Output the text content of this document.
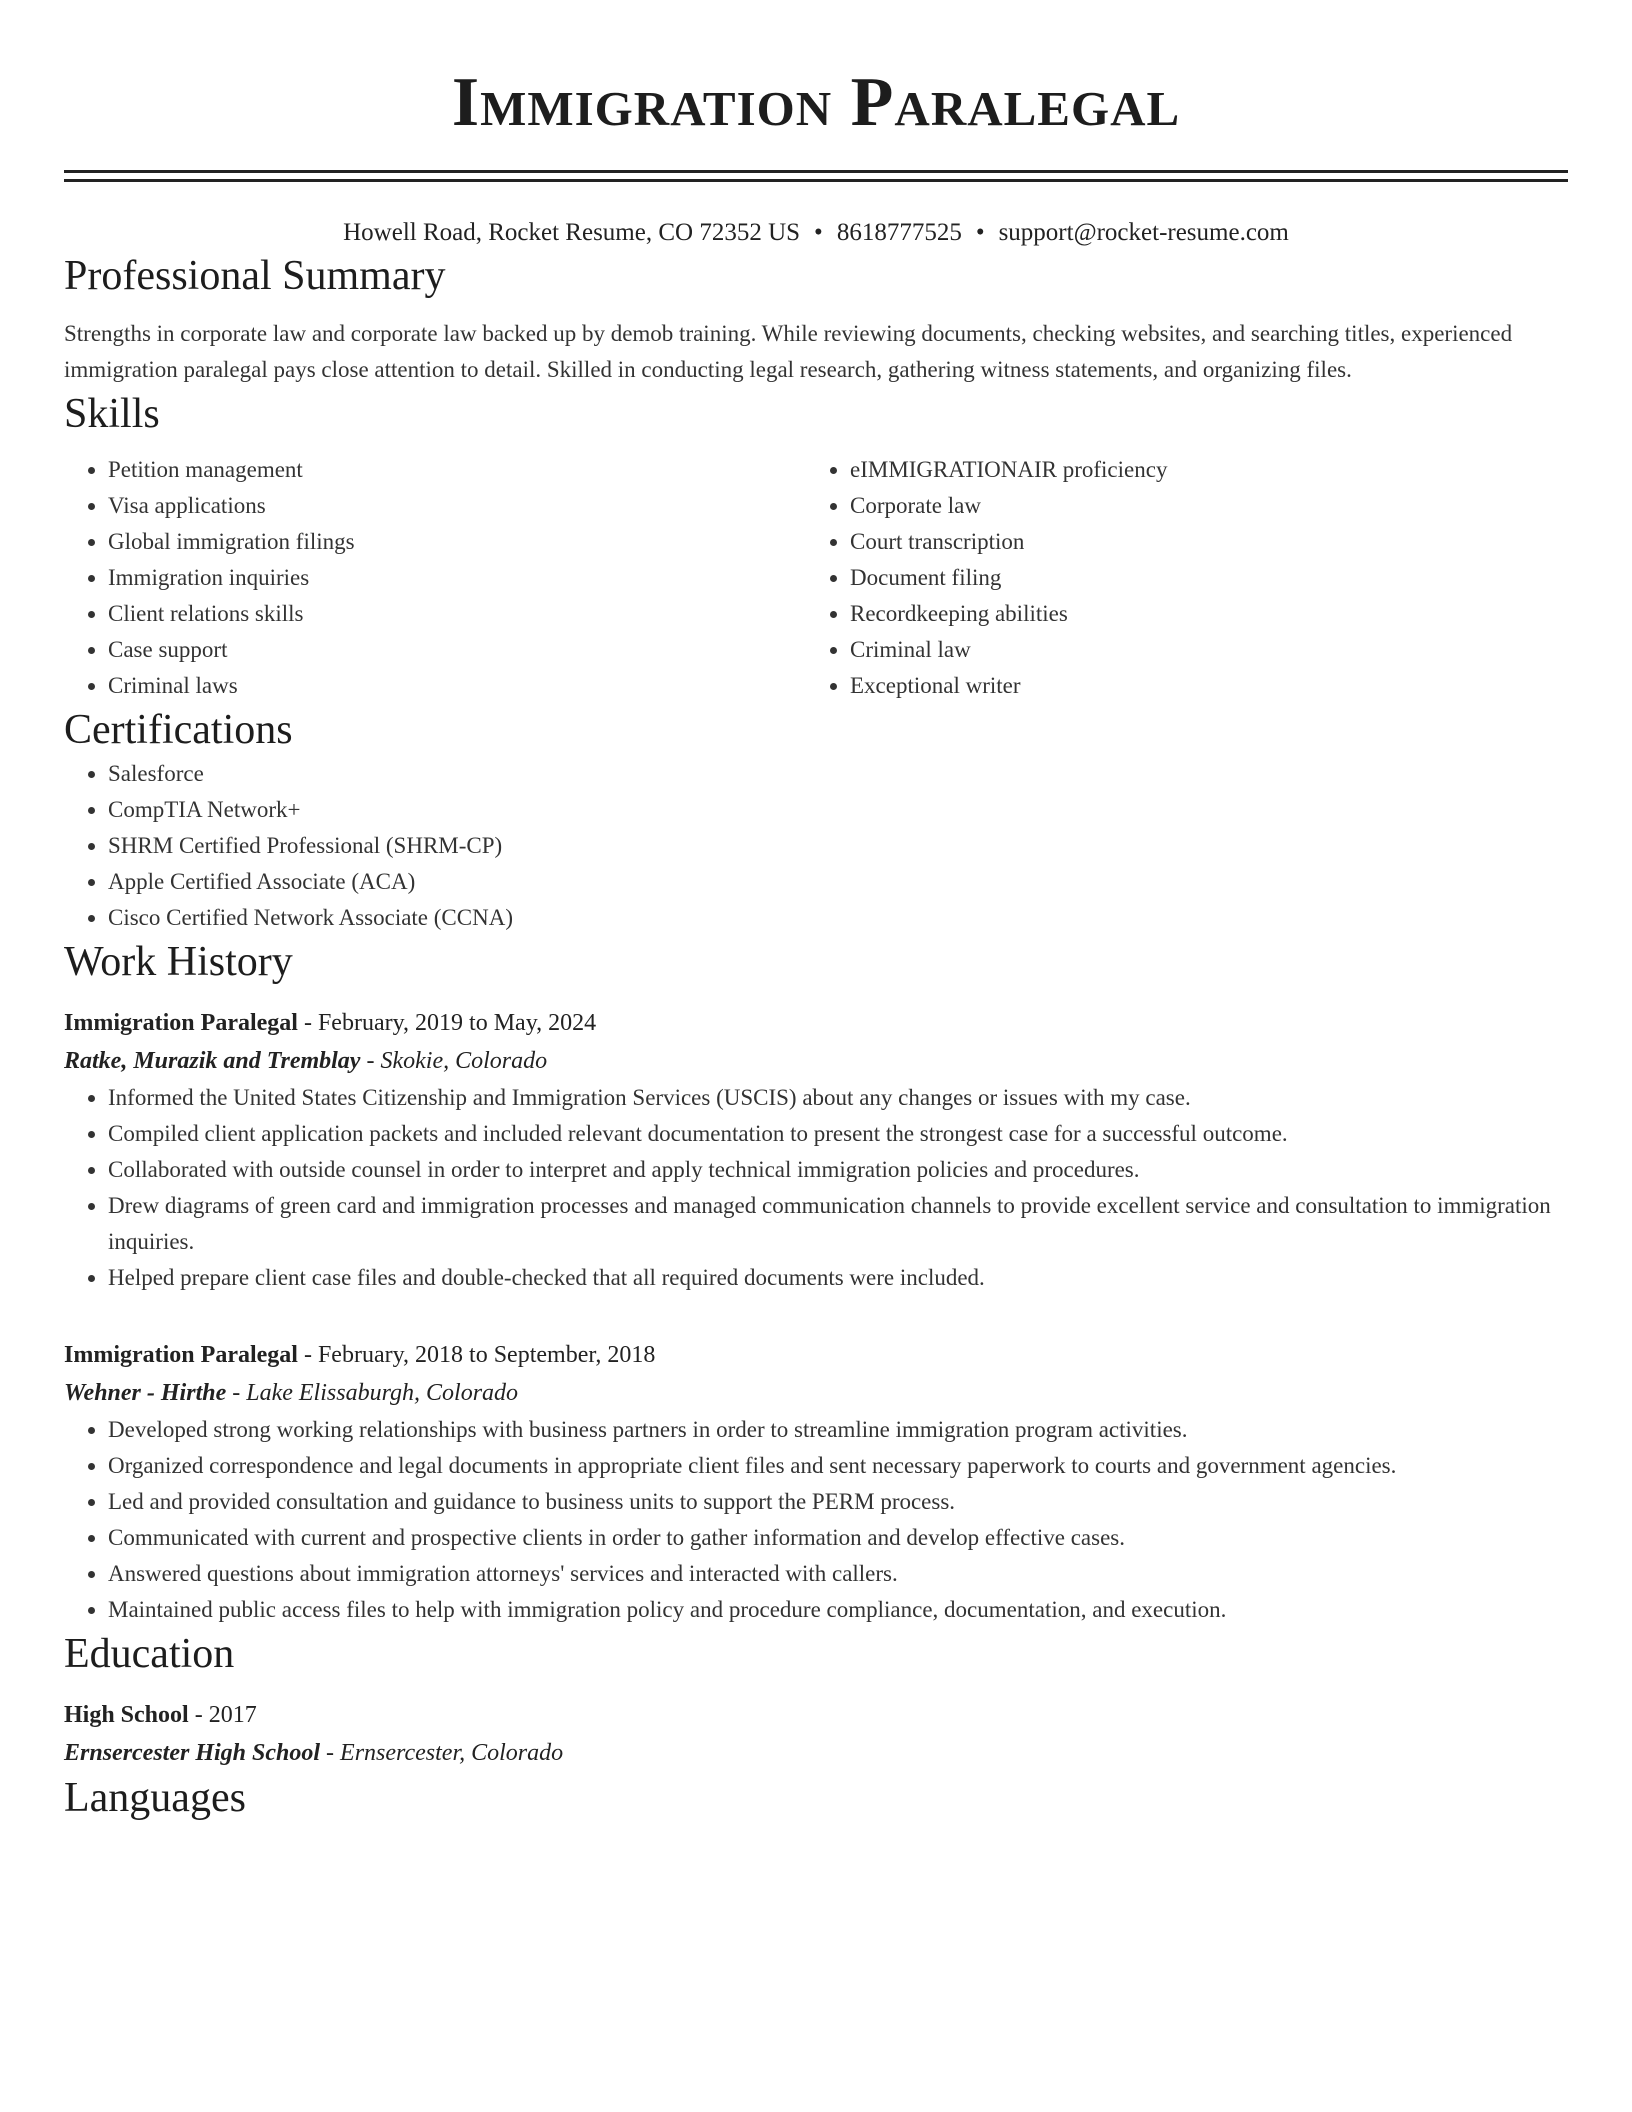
Immigration Paralegal
Howell Road, Rocket Resume, CO 72352 US • 8618777525 • support@rocket-resume.com
Professional Summary
Strengths in corporate law and corporate law backed up by demob training. While reviewing documents, checking websites, and searching titles, experienced immigration paralegal pays close attention to detail. Skilled in conducting legal research, gathering witness statements, and organizing files.
Skills
• Petition management
• Visa applications
• Global immigration filings
• Immigration inquiries
• Client relations skills
• Case support
• Criminal laws
• eIMMIGRATIONAIR proficiency
• Corporate law
• Court transcription
• Document filing
• Recordkeeping abilities
• Criminal law
• Exceptional writer
Certifications
• Salesforce
• CompTIA Network+
• SHRM Certified Professional (SHRM-CP)
• Apple Certified Associate (ACA)
• Cisco Certified Network Associate (CCNA)
Work History
Immigration Paralegal - February, 2019 to May, 2024
Ratke, Murazik and Tremblay - Skokie, Colorado
• Informed the United States Citizenship and Immigration Services (USCIS) about any changes or issues with my case.
• Compiled client application packets and included relevant documentation to present the strongest case for a successful outcome.
• Collaborated with outside counsel in order to interpret and apply technical immigration policies and procedures.
• Drew diagrams of green card and immigration processes and managed communication channels to provide excellent service and consultation to immigration inquiries.
• Helped prepare client case files and double-checked that all required documents were included.
Immigration Paralegal - February, 2018 to September, 2018
Wehner - Hirthe - Lake Elissaburgh, Colorado
• Developed strong working relationships with business partners in order to streamline immigration program activities.
• Organized correspondence and legal documents in appropriate client files and sent necessary paperwork to courts and government agencies.
• Led and provided consultation and guidance to business units to support the PERM process.
• Communicated with current and prospective clients in order to gather information and develop effective cases.
• Answered questions about immigration attorneys' services and interacted with callers.
• Maintained public access files to help with immigration policy and procedure compliance, documentation, and execution.
Education
High School - 2017
Ernsercester High School - Ernsercester, Colorado
Languages
